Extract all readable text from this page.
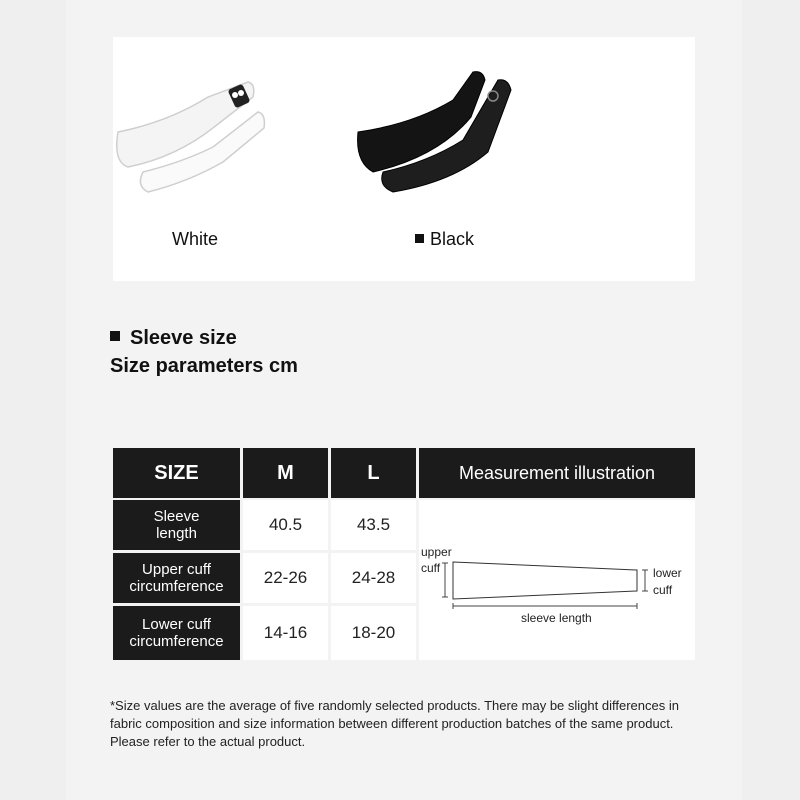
White	Black
Sleeve size
Size parameters cm
SIZE	M	L	Measurement illustration
Sleeve
length	40.5	43.5
Upper cuff
circumference	22-26	24-28
Lower cuff
circumference	14-16	18-20
upper
cuff	lower
cuff
sleeve length
*Size values are the average of five randomly selected products. There may be slight differences in fabric composition and size information between different production batches of the same product. Please refer to the actual product.
